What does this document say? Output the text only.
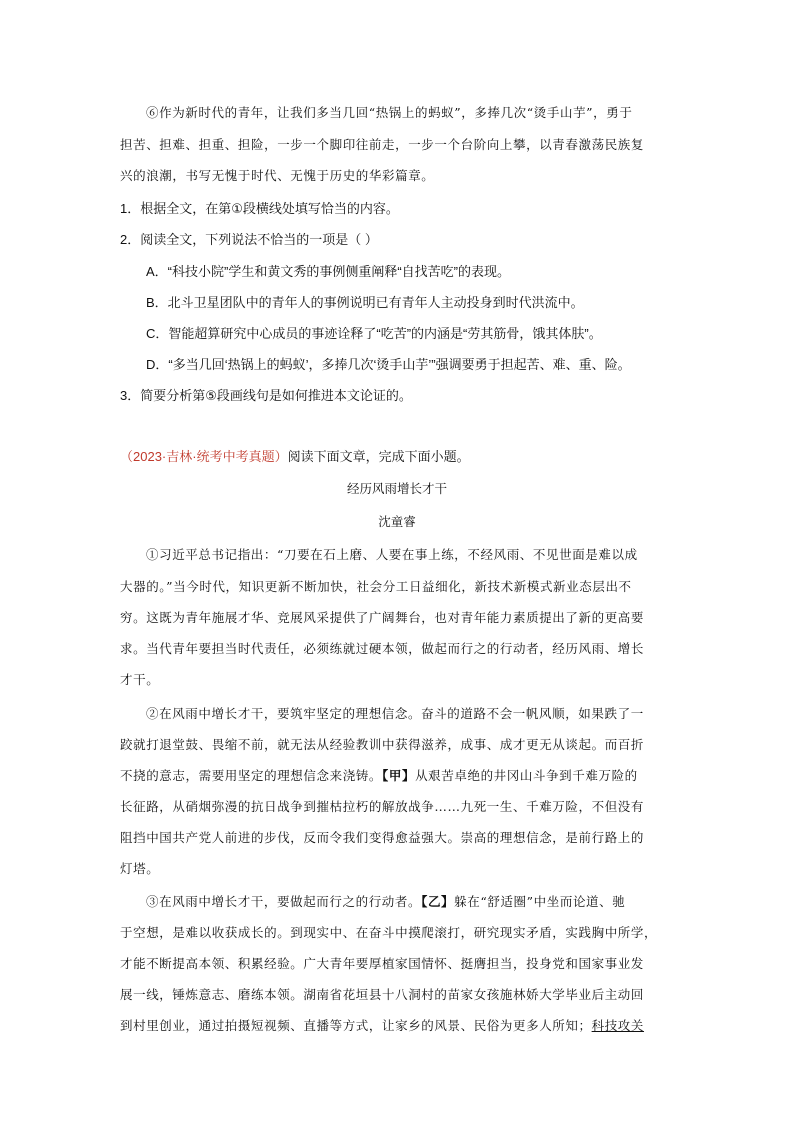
⑥作为新时代的青年，让我们多当几回“热锅上的蚂蚁”，多捧几次“烫手山芋”，勇于
担苦、担难、担重、担险，一步一个脚印往前走，一步一个台阶向上攀，以青春激荡民族复
兴的浪潮，书写无愧于时代、无愧于历史的华彩篇章。
1．根据全文，在第①段横线处填写恰当的内容。
2．阅读全文，下列说法不恰当的一项是（ ）
A．“科技小院”学生和黄文秀的事例侧重阐释“自找苦吃”的表现。
B．北斗卫星团队中的青年人的事例说明已有青年人主动投身到时代洪流中。
C．智能超算研究中心成员的事迹诠释了“吃苦”的内涵是“劳其筋骨，饿其体肤”。
D．“多当几回‘热锅上的蚂蚁’，多捧几次‘烫手山芋’”强调要勇于担起苦、难、重、险。
3．简要分析第⑤段画线句是如何推进本文论证的。
（2023·吉林·统考中考真题）阅读下面文章，完成下面小题。
经历风雨增长才干
沈童睿
①习近平总书记指出：“刀要在石上磨、人要在事上练，不经风雨、不见世面是难以成
大器的。”当今时代，知识更新不断加快，社会分工日益细化，新技术新模式新业态层出不
穷。这既为青年施展才华、竞展风采提供了广阔舞台，也对青年能力素质提出了新的更高要
求。当代青年要担当时代责任，必须练就过硬本领，做起而行之的行动者，经历风雨、增长
才干。
②在风雨中增长才干，要筑牢坚定的理想信念。奋斗的道路不会一帆风顺，如果跌了一
跤就打退堂鼓、畏缩不前，就无法从经验教训中获得滋养，成事、成才更无从谈起。而百折
不挠的意志，需要用坚定的理想信念来浇铸。【甲】从艰苦卓绝的井冈山斗争到千难万险的
长征路，从硝烟弥漫的抗日战争到摧枯拉朽的解放战争……九死一生、千难万险，不但没有
阻挡中国共产党人前进的步伐，反而令我们变得愈益强大。崇高的理想信念，是前行路上的
灯塔。
③在风雨中增长才干，要做起而行之的行动者。【乙】躲在“舒适圈”中坐而论道、驰
于空想，是难以收获成长的。到现实中、在奋斗中摸爬滚打，研究现实矛盾，实践胸中所学，
才能不断提高本领、积累经验。广大青年要厚植家国情怀、挺膺担当，投身党和国家事业发
展一线，锤炼意志、磨练本领。湖南省花垣县十八洞村的苗家女孩施林娇大学毕业后主动回
到村里创业，通过拍摄短视频、直播等方式，让家乡的风景、民俗为更多人所知；科技攻关
